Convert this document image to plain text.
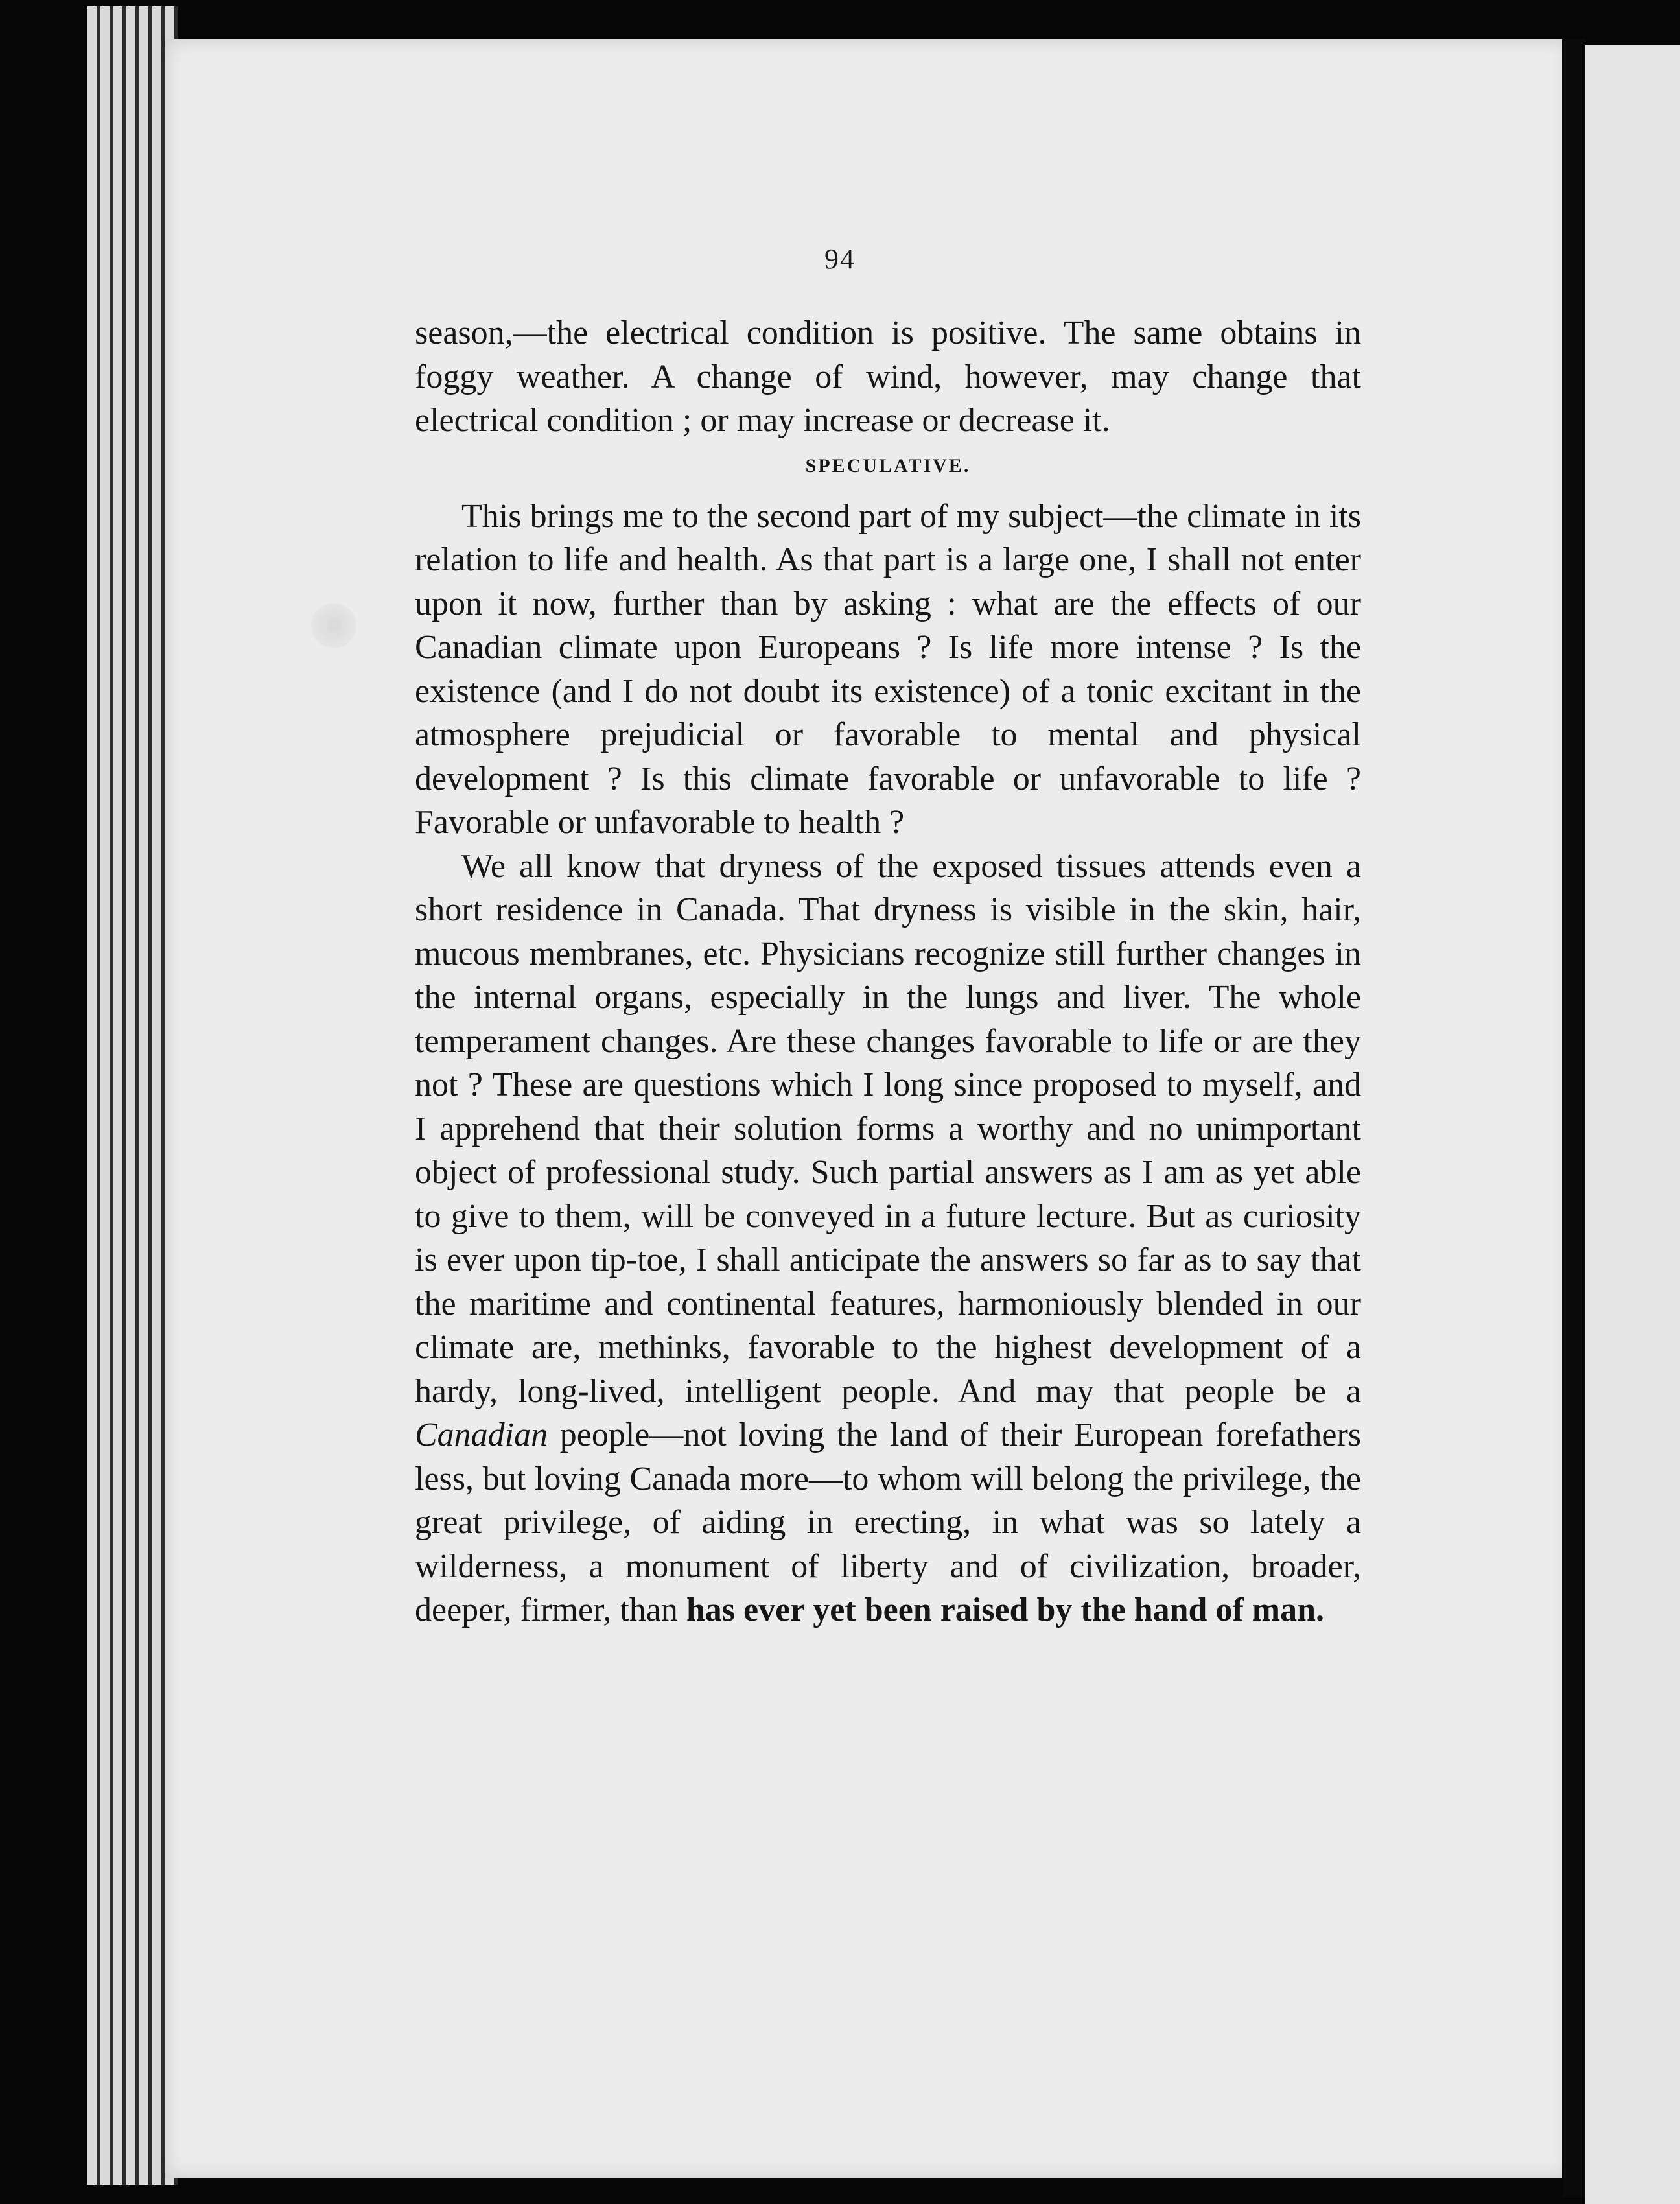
94

season,—the electrical condition is positive. The same obtains in foggy weather. A change of wind, however, may change that electrical condition ; or may increase or decrease it.

SPECULATIVE.

This brings me to the second part of my subject—the climate in its relation to life and health. As that part is a large one, I shall not enter upon it now, further than by asking : what are the effects of our Canadian climate upon Europeans ? Is life more intense ? Is the existence (and I do not doubt its existence) of a tonic excitant in the atmosphere prejudicial or favorable to mental and physical development ? Is this climate favorable or unfavorable to life ? Favorable or unfavorable to health ?

We all know that dryness of the exposed tissues attends even a short residence in Canada. That dryness is visible in the skin, hair, mucous membranes, etc. Physicians recognize still further changes in the internal organs, especially in the lungs and liver. The whole temperament changes. Are these changes favorable to life or are they not ? These are questions which I long since proposed to myself, and I apprehend that their solution forms a worthy and no unimportant object of professional study. Such partial answers as I am as yet able to give to them, will be conveyed in a future lecture. But as curiosity is ever upon tip-toe, I shall anticipate the answers so far as to say that the maritime and continental features, harmoniously blended in our climate are, methinks, favorable to the highest development of a hardy, long-lived, intelligent people. And may that people be a Canadian people—not loving the land of their European forefathers less, but loving Canada more—to whom will belong the privilege, the great privilege, of aiding in erecting, in what was so lately a wilderness, a monument of liberty and of civilization, broader, deeper, firmer, than has ever yet been raised by the hand of man.
